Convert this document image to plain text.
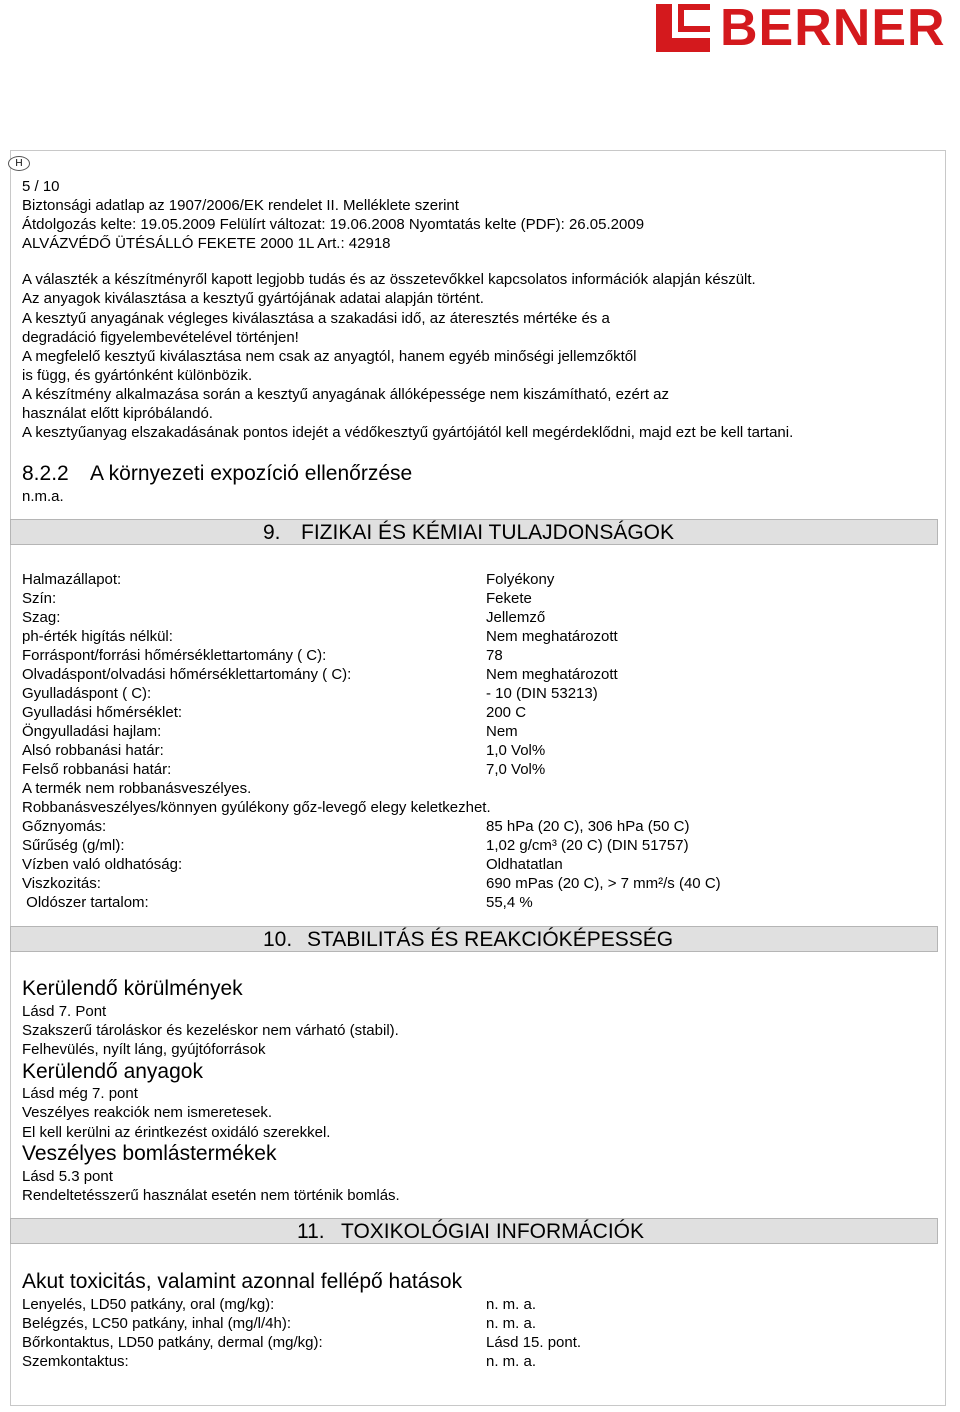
BERNER
H
5 / 10
Biztonsági adatlap az 1907/2006/EK rendelet II. Melléklete szerint
Átdolgozás kelte: 19.05.2009 Felülírt változat: 19.06.2008 Nyomtatás kelte (PDF): 26.05.2009
ALVÁZVÉDŐ ÜTÉSÁLLÓ FEKETE 2000 1L Art.: 42918
A választék a készítményről kapott legjobb tudás és az összetevőkkel kapcsolatos információk alapján készült.
Az anyagok kiválasztása a kesztyű gyártójának adatai alapján történt.
A kesztyű anyagának végleges kiválasztása a szakadási idő, az áteresztés mértéke és a
degradáció figyelembevételével történjen!
A megfelelő kesztyű kiválasztása nem csak az anyagtól, hanem egyéb minőségi jellemzőktől
is függ, és gyártónként különbözik.
A készítmény alkalmazása során a kesztyű anyagának állóképessége nem kiszámítható, ezért az
használat előtt kipróbálandó.
A kesztyűanyag elszakadásának pontos idejét a védőkesztyű gyártójától kell megérdeklődni, majd ezt be kell tartani.
8.2.2 A környezeti expozíció ellenőrzése
n.m.a.
9. FIZIKAI ÉS KÉMIAI TULAJDONSÁGOK
Halmazállapot:	Folyékony
Szín:	Fekete
Szag:	Jellemző
ph-érték higítás nélkül:	Nem meghatározott
Forráspont/forrási hőmérséklettartomány ( C):	78
Olvadáspont/olvadási hőmérséklettartomány ( C):	Nem meghatározott
Gyulladáspont ( C):	- 10 (DIN 53213)
Gyulladási hőmérséklet:	200 C
Öngyulladási hajlam:	Nem
Alsó robbanási határ:	1,0 Vol%
Felső robbanási határ:	7,0 Vol%
A termék nem robbanásveszélyes.
Robbanásveszélyes/könnyen gyúlékony gőz-levegő elegy keletkezhet.
Gőznyomás:	85 hPa (20 C), 306 hPa (50 C)
Sűrűség (g/ml):	1,02 g/cm³ (20 C) (DIN 51757)
Vízben való oldhatóság:	Oldhatatlan
Viszkozitás:	690 mPas (20 C), > 7 mm²/s (40 C)
Oldószer tartalom:	55,4 %
10. STABILITÁS ÉS REAKCIÓKÉPESSÉG
Kerülendő körülmények
Lásd 7. Pont
Szakszerű tároláskor és kezeléskor nem várható (stabil).
Felhevülés, nyílt láng, gyújtóforrások
Kerülendő anyagok
Lásd még 7. pont
Veszélyes reakciók nem ismeretesek.
El kell kerülni az érintkezést oxidáló szerekkel.
Veszélyes bomlástermékek
Lásd 5.3 pont
Rendeltetésszerű használat esetén nem történik bomlás.
11. TOXIKOLÓGIAI INFORMÁCIÓK
Akut toxicitás, valamint azonnal fellépő hatások
Lenyelés, LD50 patkány, oral (mg/kg):	n. m. a.
Belégzés, LC50 patkány, inhal (mg/l/4h):	n. m. a.
Bőrkontaktus, LD50 patkány, dermal (mg/kg):	Lásd 15. pont.
Szemkontaktus:	n. m. a.
